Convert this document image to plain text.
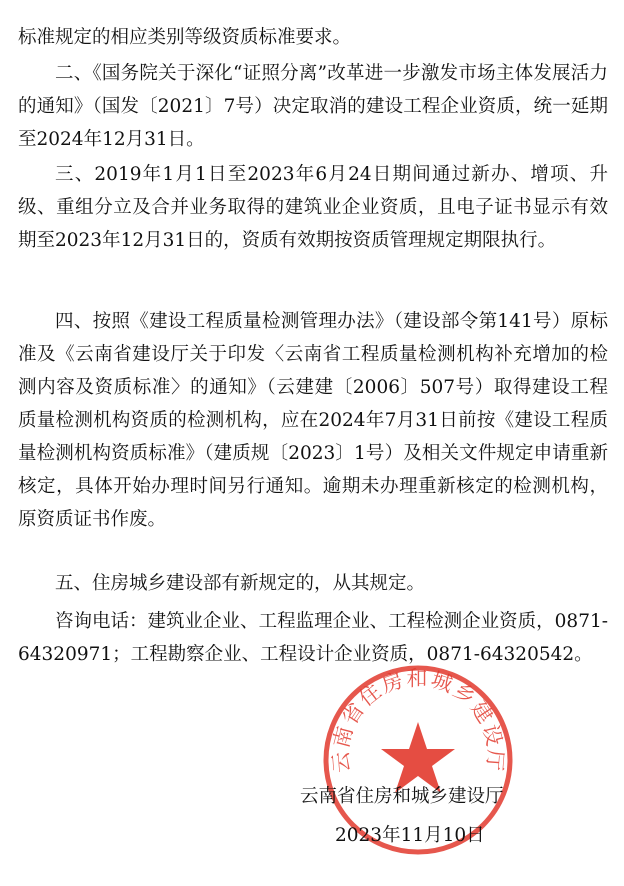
标准规定的相应类别等级资质标准要求。

二、《国务院关于深化“证照分离”改革进一步激发市场主体发展活力的通知》（国发〔2021〕7号）决定取消的建设工程企业资质，统一延期至2024年12月31日。

三、2019年1月1日至2023年6月24日期间通过新办、增项、升级、重组分立及合并业务取得的建筑业企业资质，且电子证书显示有效期至2023年12月31日的，资质有效期按资质管理规定期限执行。

四、按照《建设工程质量检测管理办法》（建设部令第141号）原标准及《云南省建设厅关于印发〈云南省工程质量检测机构补充增加的检测内容及资质标准〉的通知》（云建建〔2006〕507号）取得建设工程质量检测机构资质的检测机构，应在2024年7月31日前按《建设工程质量检测机构资质标准》（建质规〔2023〕1号）及相关文件规定申请重新核定，具体开始办理时间另行通知。逾期未办理重新核定的检测机构，原资质证书作废。

五、住房城乡建设部有新规定的，从其规定。

咨询电话：建筑业企业、工程监理企业、工程检测企业资质，0871-64320971；工程勘察企业、工程设计企业资质，0871-64320542。

云南省住房和城乡建设厅
云南省住房和城乡建设厅
2023年11月10日
